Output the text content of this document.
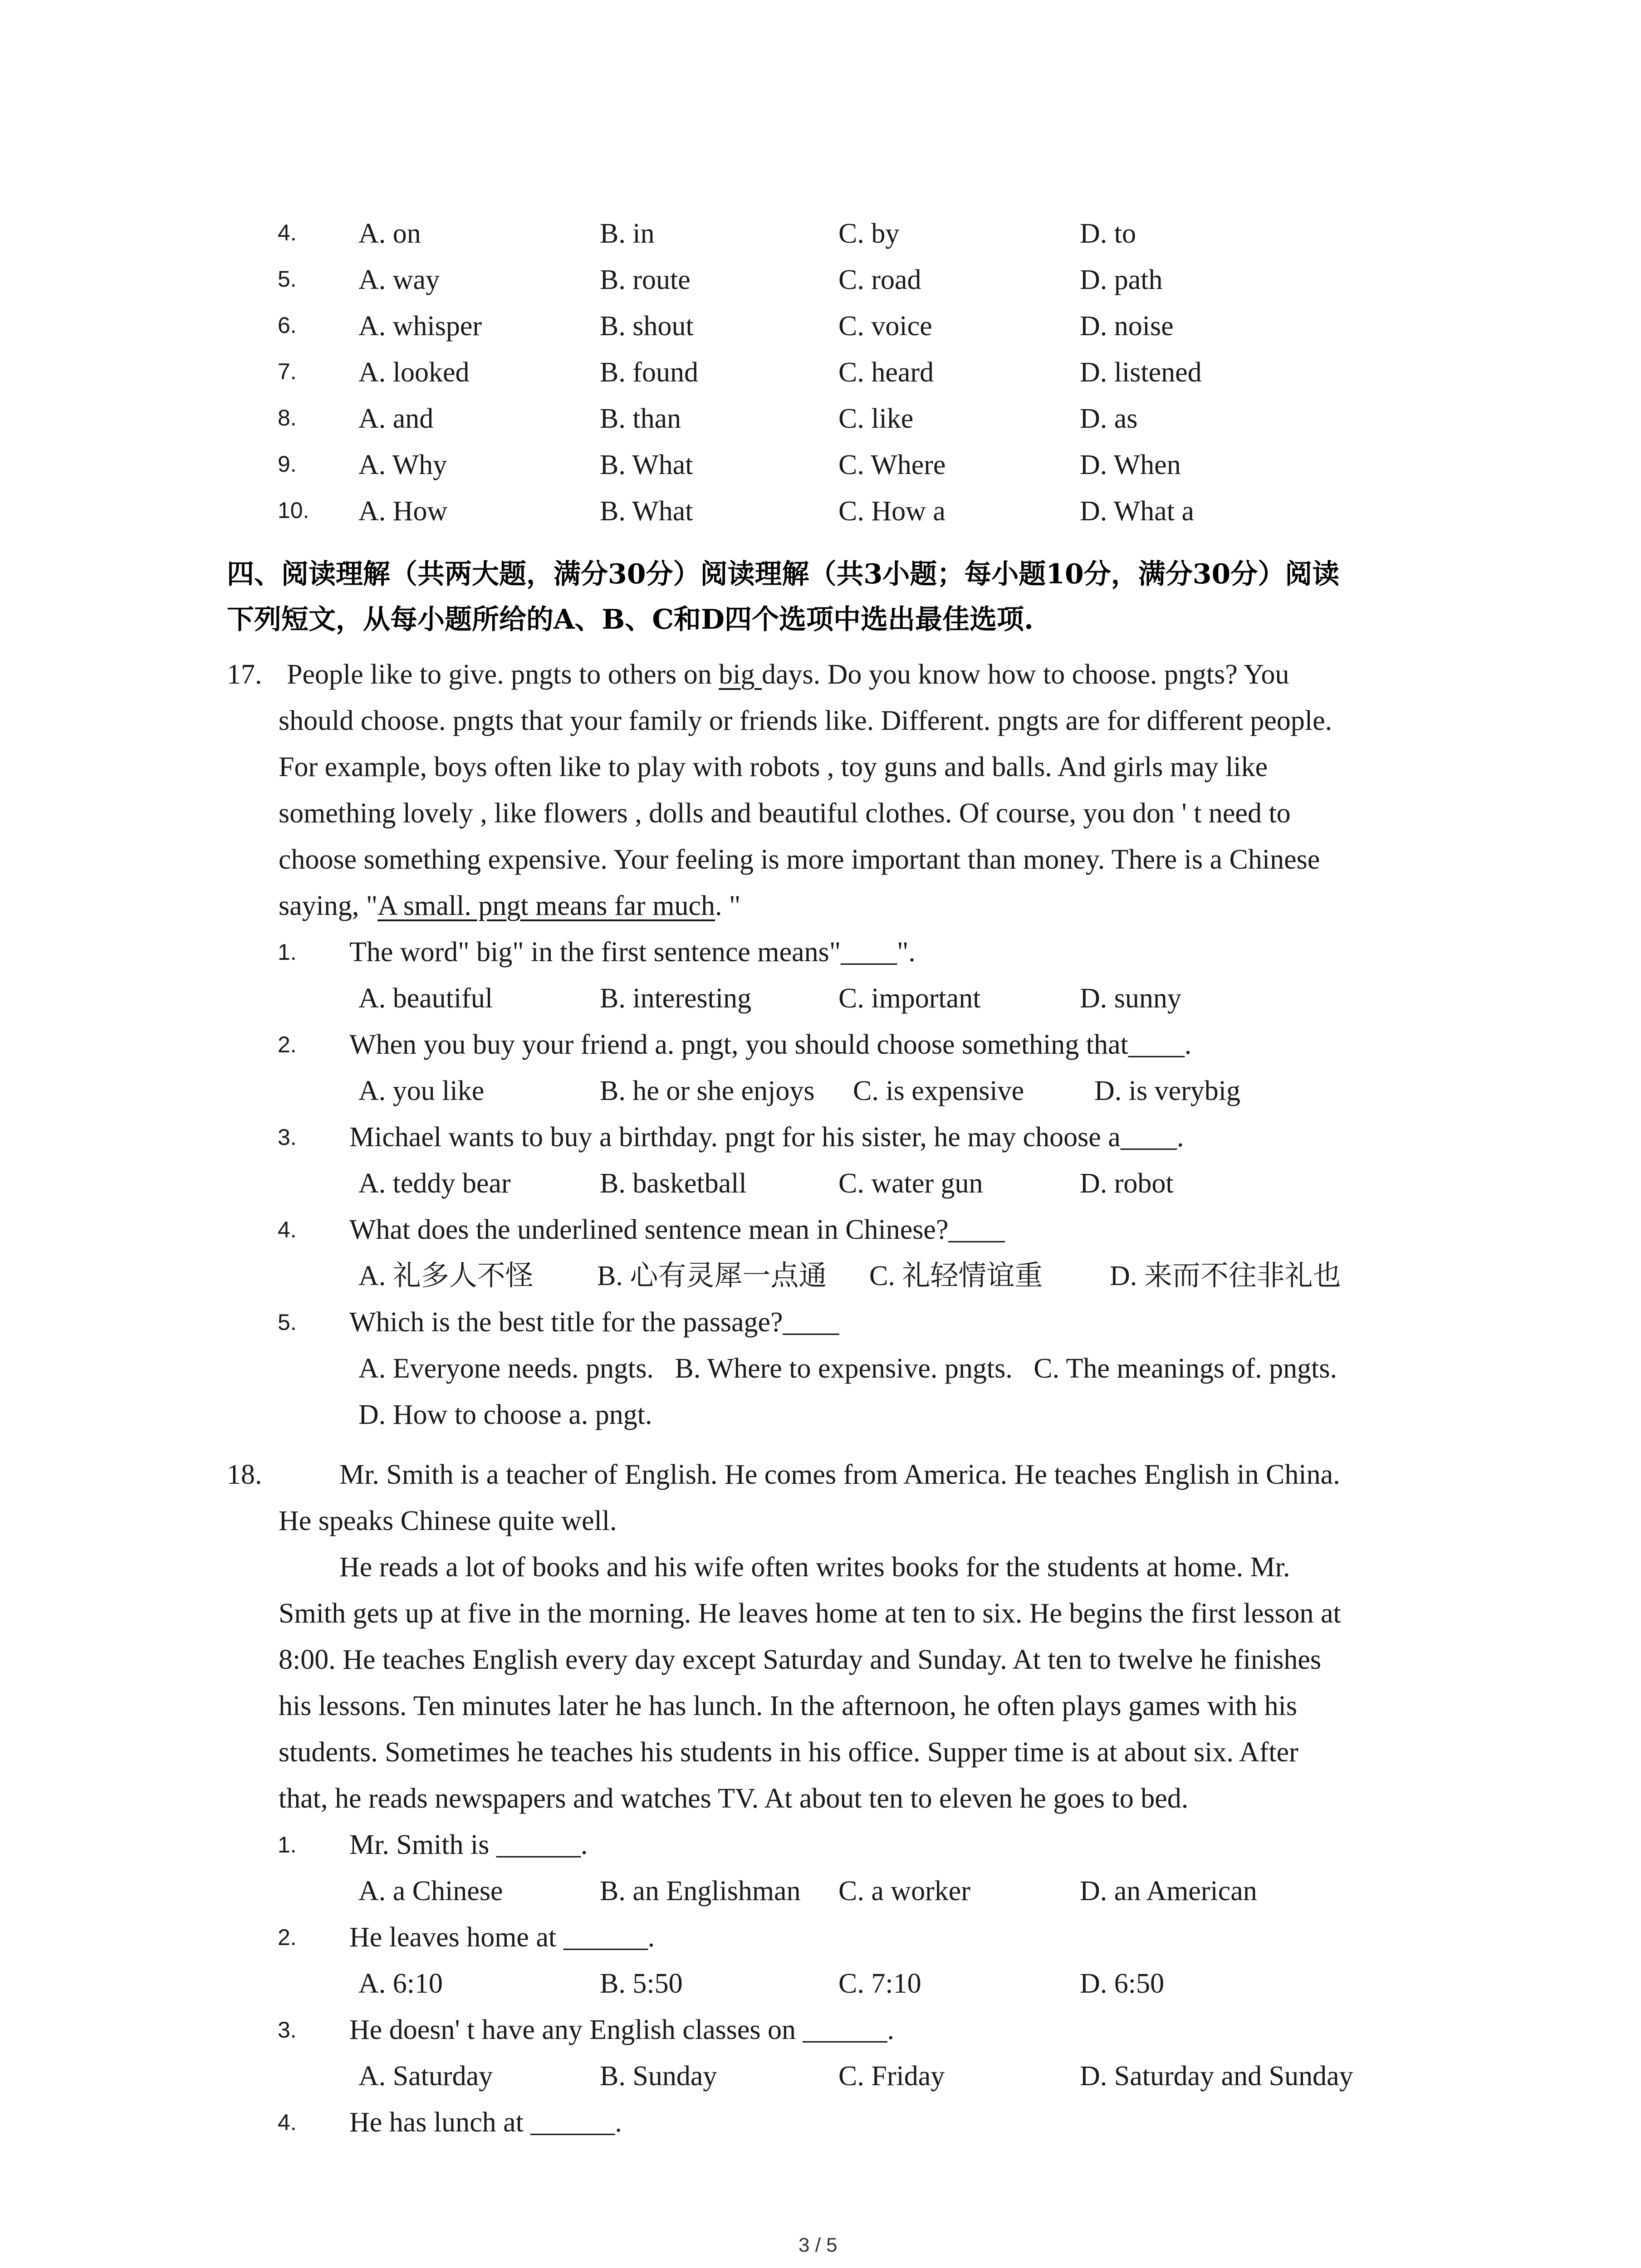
4. A. on	B. in	C. by	D. to
5. A. way	B. route	C. road	D. path
6. A. whisper	B. shout	C. voice	D. noise
7. A. looked	B. found	C. heard	D. listened
8. A. and	B. than	C. like	D. as
9. A. Why	B. What	C. Where	D. When
10. A. How	B. What	C. How a	D. What a
四、阅读理解（共两大题，满分30分）阅读理解（共3小题；每小题10分，满分30分）阅读
下列短文，从每小题所给的A、B、C和D四个选项中选出最佳选项.
17. People like to give. pngts to others on big days. Do you know how to choose. pngts? You
should choose. pngts that your family or friends like. Different. pngts are for different people.
For example, boys often like to play with robots , toy guns and balls. And girls may like
something lovely , like flowers , dolls and beautiful clothes. Of course, you don ' t need to
choose something expensive. Your feeling is more important than money. There is a Chinese
saying, "A small. pngt means far much. "
1. The word" big" in the first sentence means"____".
A. beautiful	B. interesting	C. important	D. sunny
2. When you buy your friend a. pngt, you should choose something that____.
A. you like	B. he or she enjoys C. is expensive D. is verybig
3. Michael wants to buy a birthday. pngt for his sister, he may choose a____.
A. teddy bear	B. basketball	C. water gun	D. robot
4. What does the underlined sentence mean in Chinese?____
A. 礼多人不怪 B. 心有灵犀一点通 C. 礼轻情谊重 D. 来而不往非礼也
5. Which is the best title for the passage?____
A. Everyone needs. pngts.   B. Where to expensive. pngts.   C. The meanings of. pngts.
D. How to choose a. pngt.
18.	Mr. Smith is a teacher of English. He comes from America. He teaches English in China.
He speaks Chinese quite well.
He reads a lot of books and his wife often writes books for the students at home. Mr.
Smith gets up at five in the morning. He leaves home at ten to six. He begins the first lesson at
8:00. He teaches English every day except Saturday and Sunday. At ten to twelve he finishes
his lessons. Ten minutes later he has lunch. In the afternoon, he often plays games with his
students. Sometimes he teaches his students in his office. Supper time is at about six. After
that, he reads newspapers and watches TV. At about ten to eleven he goes to bed.
1. Mr. Smith is ______.
A. a Chinese	B. an Englishman C. a worker	D. an American
2. He leaves home at ______.
A. 6:10	B. 5:50	C. 7:10	D. 6:50
3. He doesn' t have any English classes on ______.
A. Saturday	B. Sunday	C. Friday	D. Saturday and Sunday
4. He has lunch at ______.
3 / 5
